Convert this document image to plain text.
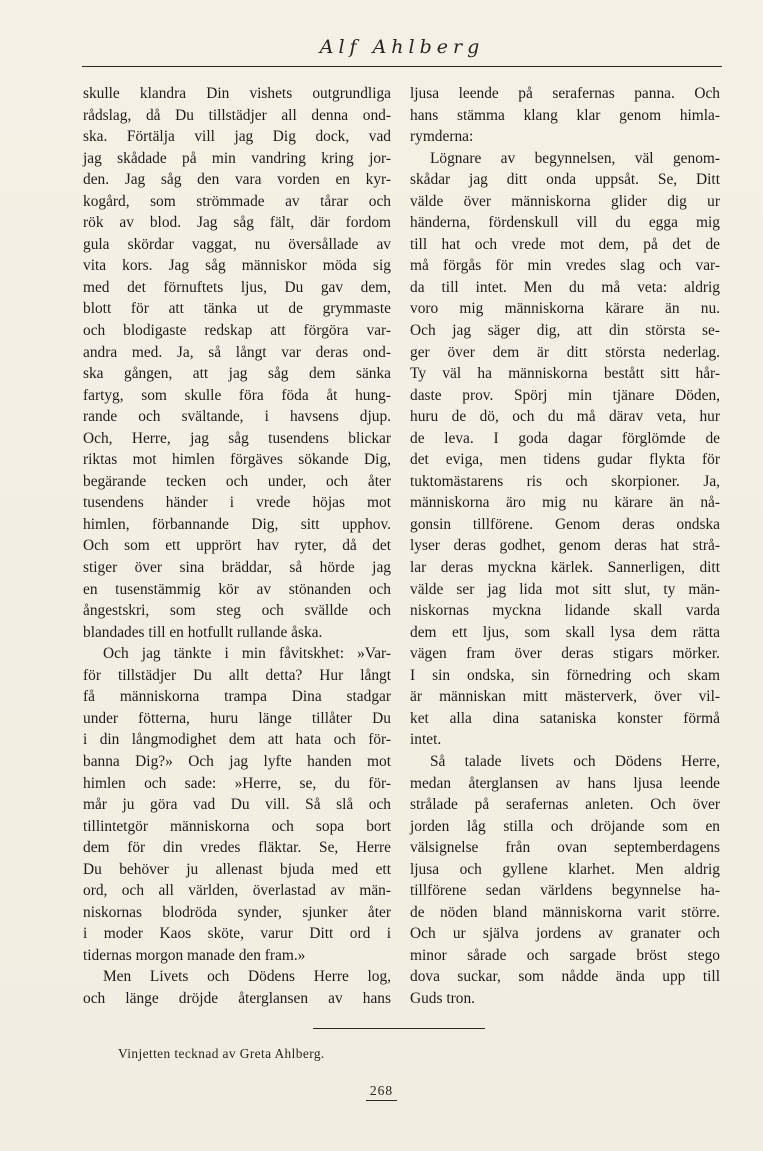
Alf Ahlberg
skulle klandra Din vishets outgrundliga
rådslag, då Du tillstädjer all denna ond-
ska. Förtälja vill jag Dig dock, vad
jag skådade på min vandring kring jor-
den. Jag såg den vara vorden en kyr-
kogård, som strömmade av tårar och
rök av blod. Jag såg fält, där fordom
gula skördar vaggat, nu översållade av
vita kors. Jag såg människor möda sig
med det förnuftets ljus, Du gav dem,
blott för att tänka ut de grymmaste
och blodigaste redskap att förgöra var-
andra med. Ja, så långt var deras ond-
ska gången, att jag såg dem sänka
fartyg, som skulle föra föda åt hung-
rande och svältande, i havsens djup.
Och, Herre, jag såg tusendens blickar
riktas mot himlen förgäves sökande Dig,
begärande tecken och under, och åter
tusendens händer i vrede höjas mot
himlen, förbannande Dig, sitt upphov.
Och som ett upprört hav ryter, då det
stiger över sina bräddar, så hörde jag
en tusenstämmig kör av stönanden och
ångestskri, som steg och svällde och
blandades till en hotfullt rullande åska.
Och jag tänkte i min fåvitskhet: »Var-
för tillstädjer Du allt detta? Hur långt
få människorna trampa Dina stadgar
under fötterna, huru länge tillåter Du
i din långmodighet dem att hata och för-
banna Dig?» Och jag lyfte handen mot
himlen och sade: »Herre, se, du för-
mår ju göra vad Du vill. Så slå och
tillintetgör människorna och sopa bort
dem för din vredes fläktar. Se, Herre
Du behöver ju allenast bjuda med ett
ord, och all världen, överlastad av män-
niskornas blodröda synder, sjunker åter
i moder Kaos sköte, varur Ditt ord i
tidernas morgon manade den fram.»
Men Livets och Dödens Herre log,
och länge dröjde återglansen av hans
ljusa leende på serafernas panna. Och
hans stämma klang klar genom himla-
rymderna:
Lögnare av begynnelsen, väl genom-
skådar jag ditt onda uppsåt. Se, Ditt
välde över människorna glider dig ur
händerna, fördenskull vill du egga mig
till hat och vrede mot dem, på det de
må förgås för min vredes slag och var-
da till intet. Men du må veta: aldrig
voro mig människorna kärare än nu.
Och jag säger dig, att din största se-
ger över dem är ditt största nederlag.
Ty väl ha människorna bestått sitt hår-
daste prov. Spörj min tjänare Döden,
huru de dö, och du må därav veta, hur
de leva. I goda dagar förglömde de
det eviga, men tidens gudar flykta för
tuktomästarens ris och skorpioner. Ja,
människorna äro mig nu kärare än nå-
gonsin tillförene. Genom deras ondska
lyser deras godhet, genom deras hat strå-
lar deras myckna kärlek. Sannerligen, ditt
välde ser jag lida mot sitt slut, ty män-
niskornas myckna lidande skall varda
dem ett ljus, som skall lysa dem rätta
vägen fram över deras stigars mörker.
I sin ondska, sin förnedring och skam
är människan mitt mästerverk, över vil-
ket alla dina sataniska konster förmå
intet.
Så talade livets och Dödens Herre,
medan återglansen av hans ljusa leende
strålade på serafernas anleten. Och över
jorden låg stilla och dröjande som en
välsignelse från ovan septemberdagens
ljusa och gyllene klarhet. Men aldrig
tillförene sedan världens begynnelse ha-
de nöden bland människorna varit större.
Och ur själva jordens av granater och
minor sårade och sargade bröst stego
dova suckar, som nådde ända upp till
Guds tron.
Vinjetten tecknad av Greta Ahlberg.
268
